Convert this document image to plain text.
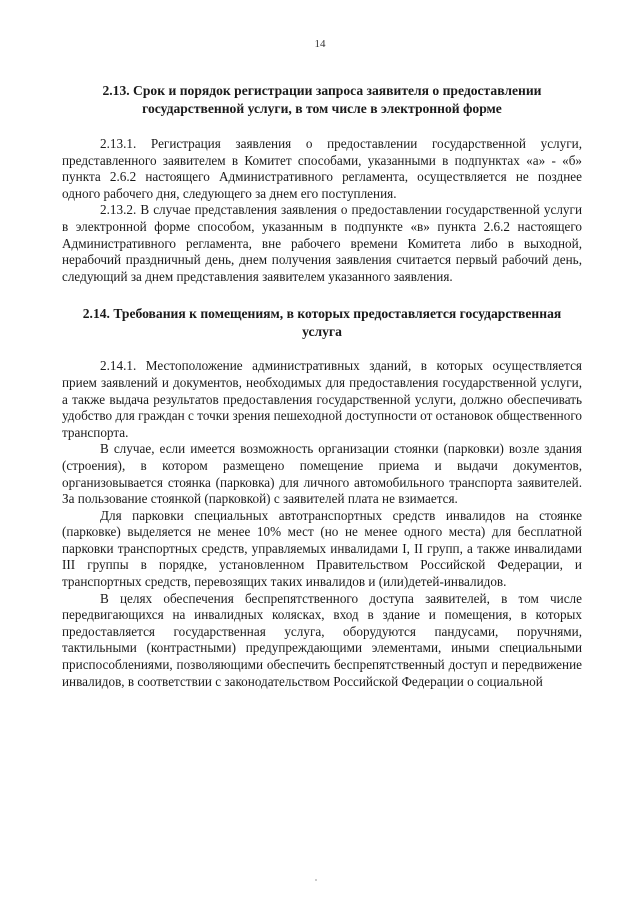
14
2.13. Срок и порядок регистрации запроса заявителя о предоставлении государственной услуги, в том числе в электронной форме

2.13.1. Регистрация заявления о предоставлении государственной услуги, представленного заявителем в Комитет способами, указанными в подпунктах «а» - «б» пункта 2.6.2 настоящего Административного регламента, осуществляется не позднее одного рабочего дня, следующего за днем его поступления.

2.13.2. В случае представления заявления о предоставлении государственной услуги в электронной форме способом, указанным в подпункте «в» пункта 2.6.2 настоящего Административного регламента, вне рабочего времени Комитета либо в выходной, нерабочий праздничный день, днем получения заявления считается первый рабочий день, следующий за днем представления заявителем указанного заявления.

2.14. Требования к помещениям, в которых предоставляется государственная услуга

2.14.1. Местоположение административных зданий, в которых осуществляется прием заявлений и документов, необходимых для предоставления государственной услуги, а также выдача результатов предоставления государственной услуги, должно обеспечивать удобство для граждан с точки зрения пешеходной доступности от остановок общественного транспорта.

В случае, если имеется возможность организации стоянки (парковки) возле здания (строения), в котором размещено помещение приема и выдачи документов, организовывается стоянка (парковка) для личного автомобильного транспорта заявителей. За пользование стоянкой (парковкой) с заявителей плата не взимается.

Для парковки специальных автотранспортных средств инвалидов на стоянке (парковке) выделяется не менее 10% мест (но не менее одного места) для бесплатной парковки транспортных средств, управляемых инвалидами I, II групп, а также инвалидами III группы в порядке, установленном Правительством Российской Федерации, и транспортных средств, перевозящих таких инвалидов и (или)детей-инвалидов.

В целях обеспечения беспрепятственного доступа заявителей, в том числе передвигающихся на инвалидных колясках, вход в здание и помещения, в которых предоставляется государственная услуга, оборудуются пандусами, поручнями, тактильными (контрастными) предупреждающими элементами, иными специальными приспособлениями, позволяющими обеспечить беспрепятственный доступ и передвижение инвалидов, в соответствии с законодательством Российской Федерации о социальной
